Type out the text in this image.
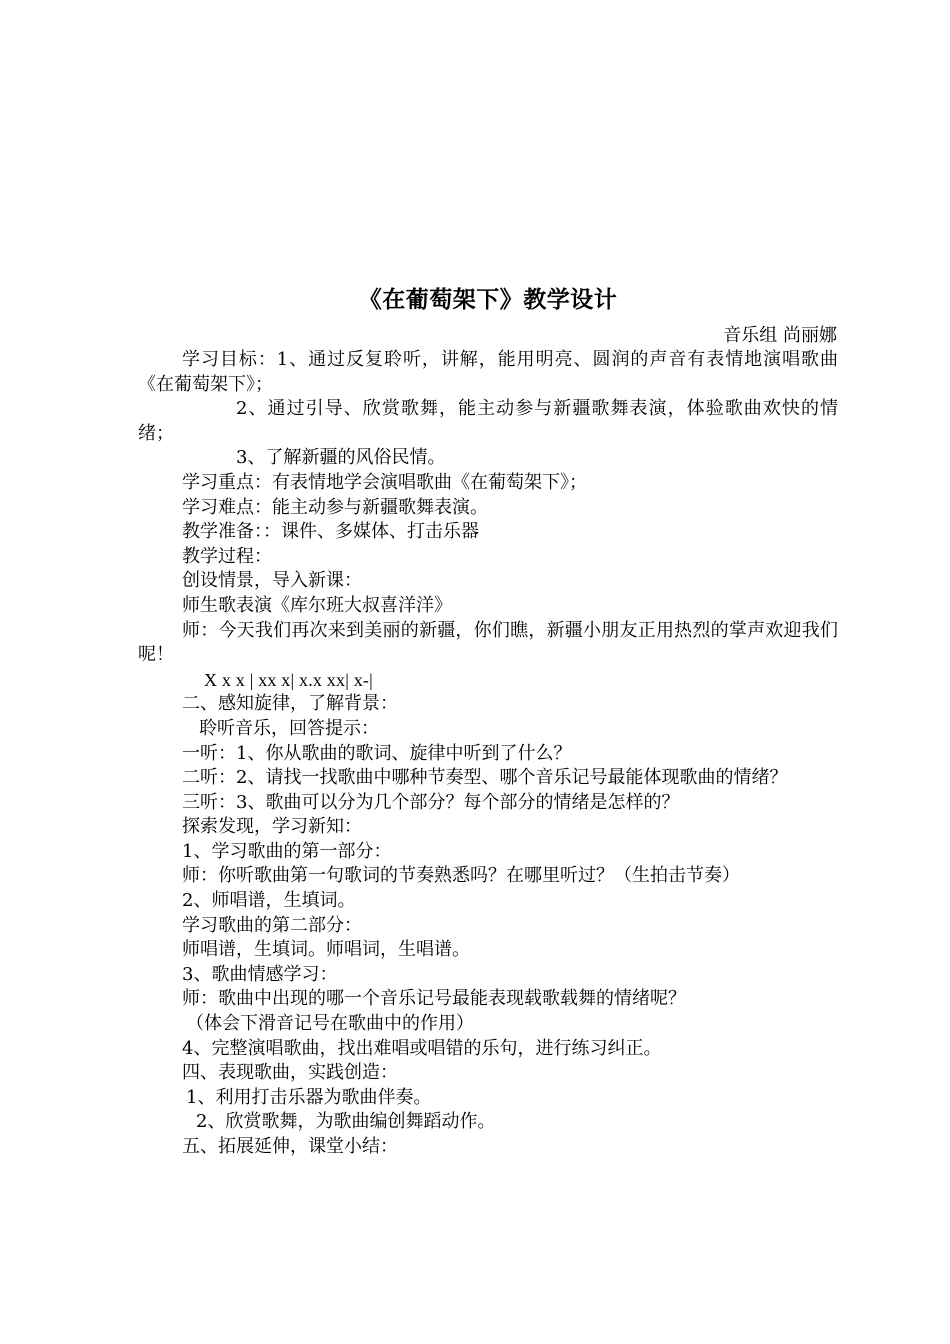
《在葡萄架下》教学设计
音乐组 尚丽娜

学习目标：1、通过反复聆听，讲解，能用明亮、圆润的声音有表情地演唱歌曲《在葡萄架下》；

2、通过引导、欣赏歌舞，能主动参与新疆歌舞表演，体验歌曲欢快的情绪；

3、了解新疆的风俗民情。

学习重点：有表情地学会演唱歌曲《在葡萄架下》；

学习难点：能主动参与新疆歌舞表演。

教学准备：：课件、多媒体、打击乐器

教学过程：

创设情景，导入新课：

师生歌表演《库尔班大叔喜洋洋》

师：今天我们再次来到美丽的新疆，你们瞧，新疆小朋友正用热烈的掌声欢迎我们呢！

X x x | xx x| x.x xx| x-|

二、感知旋律，了解背景：

聆听音乐，回答提示：

一听：1、你从歌曲的歌词、旋律中听到了什么？

二听：2、请找一找歌曲中哪种节奏型、哪个音乐记号最能体现歌曲的情绪？

三听：3、歌曲可以分为几个部分？每个部分的情绪是怎样的？

探索发现，学习新知：

1、学习歌曲的第一部分：

师：你听歌曲第一句歌词的节奏熟悉吗？在哪里听过？（生拍击节奏）

2、师唱谱，生填词。

学习歌曲的第二部分：

师唱谱，生填词。师唱词，生唱谱。

3、歌曲情感学习：

师：歌曲中出现的哪一个音乐记号最能表现载歌载舞的情绪呢？

（体会下滑音记号在歌曲中的作用）

4、完整演唱歌曲，找出难唱或唱错的乐句，进行练习纠正。

四、表现歌曲，实践创造：

1、利用打击乐器为歌曲伴奏。

2、欣赏歌舞，为歌曲编创舞蹈动作。

五、拓展延伸，课堂小结：
